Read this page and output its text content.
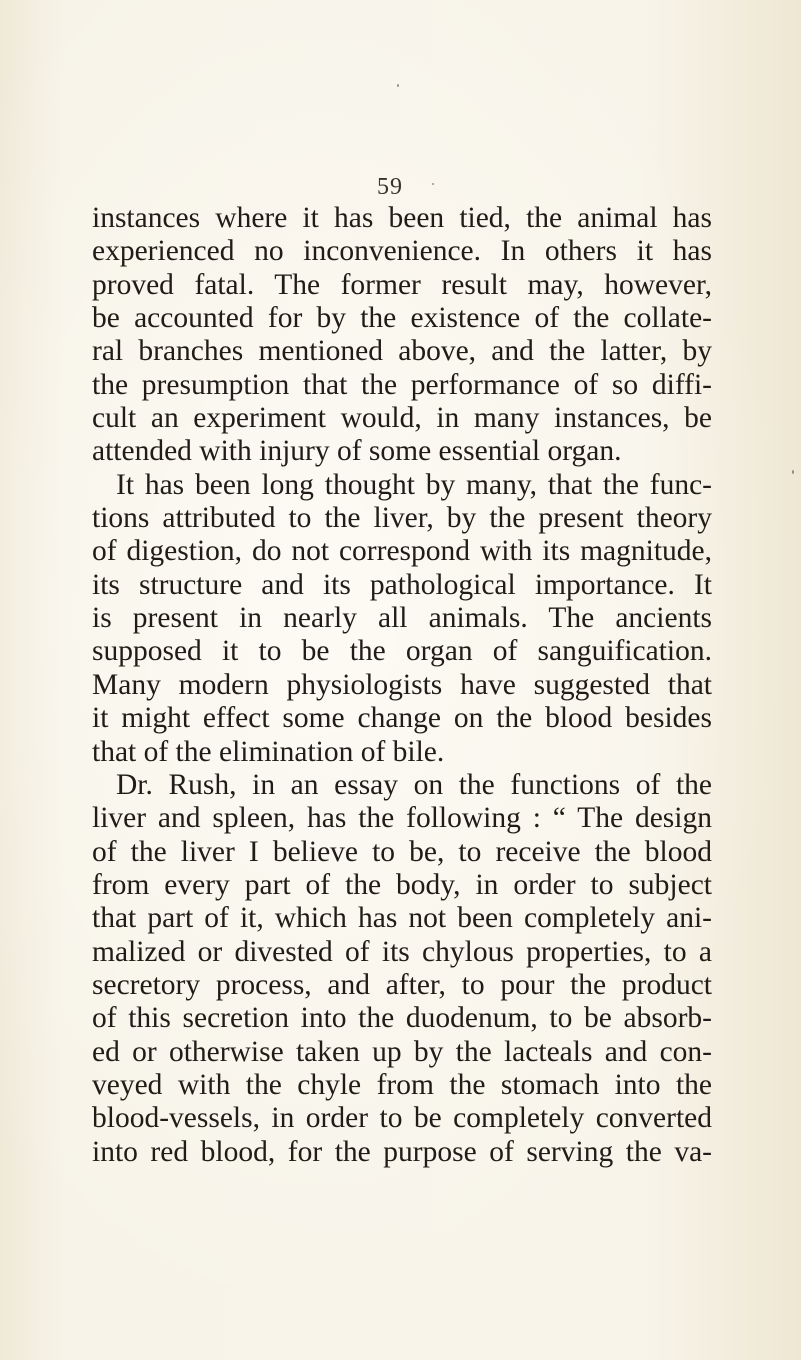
59
instances where it has been tied, the animal has
experienced no inconvenience. In others it has
proved fatal. The former result may, however,
be accounted for by the existence of the collate-
ral branches mentioned above, and the latter, by
the presumption that the performance of so diffi-
cult an experiment would, in many instances, be
attended with injury of some essential organ.
It has been long thought by many, that the func-
tions attributed to the liver, by the present theory
of digestion, do not correspond with its magnitude,
its structure and its pathological importance. It
is present in nearly all animals. The ancients
supposed it to be the organ of sanguification.
Many modern physiologists have suggested that
it might effect some change on the blood besides
that of the elimination of bile.
Dr. Rush, in an essay on the functions of the
liver and spleen, has the following : “ The design
of the liver I believe to be, to receive the blood
from every part of the body, in order to subject
that part of it, which has not been completely ani-
malized or divested of its chylous properties, to a
secretory process, and after, to pour the product
of this secretion into the duodenum, to be absorb-
ed or otherwise taken up by the lacteals and con-
veyed with the chyle from the stomach into the
blood-vessels, in order to be completely converted
into red blood, for the purpose of serving the va-
